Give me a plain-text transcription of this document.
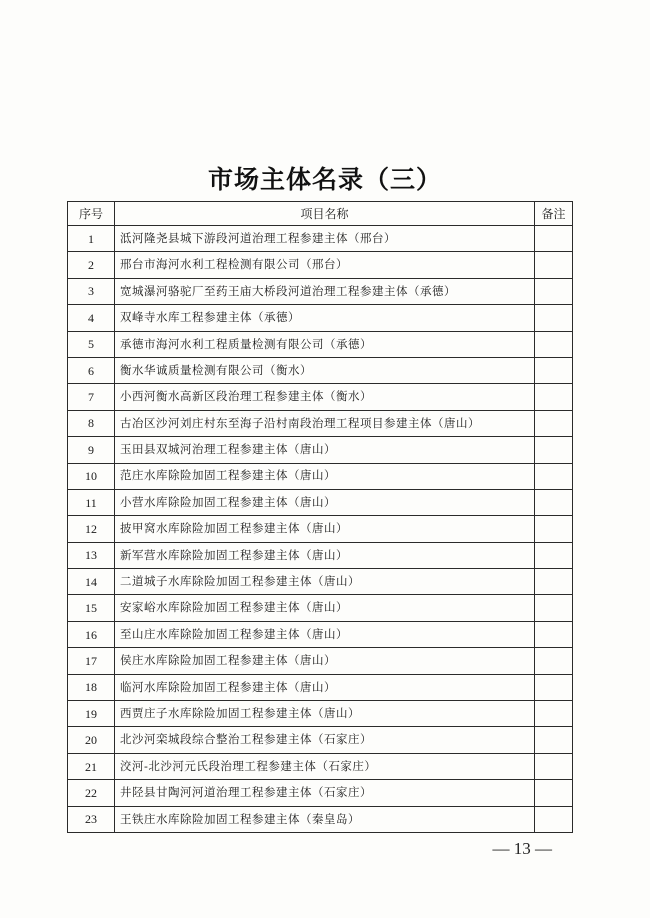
市场主体名录（三）
序号	项目名称	备注
1	泜河隆尧县城下游段河道治理工程参建主体（邢台）	
2	邢台市海河水利工程检测有限公司（邢台）	
3	宽城瀑河骆驼厂至药王庙大桥段河道治理工程参建主体（承德）	
4	双峰寺水库工程参建主体（承德）	
5	承德市海河水利工程质量检测有限公司（承德）	
6	衡水华诚质量检测有限公司（衡水）	
7	小西河衡水高新区段治理工程参建主体（衡水）	
8	古冶区沙河刘庄村东至海子沿村南段治理工程项目参建主体（唐山）	
9	玉田县双城河治理工程参建主体（唐山）	
10	范庄水库除险加固工程参建主体（唐山）	
11	小营水库除险加固工程参建主体（唐山）	
12	披甲窝水库除险加固工程参建主体（唐山）	
13	新军营水库除险加固工程参建主体（唐山）	
14	二道城子水库除险加固工程参建主体（唐山）	
15	安家峪水库除险加固工程参建主体（唐山）	
16	至山庄水库除险加固工程参建主体（唐山）	
17	侯庄水库除险加固工程参建主体（唐山）	
18	临河水库除险加固工程参建主体（唐山）	
19	西贾庄子水库除险加固工程参建主体（唐山）	
20	北沙河栾城段综合整治工程参建主体（石家庄）	
21	洨河-北沙河元氏段治理工程参建主体（石家庄）	
22	井陉县甘陶河河道治理工程参建主体（石家庄）	
23	王铁庄水库除险加固工程参建主体（秦皇岛）	
— 13 —
